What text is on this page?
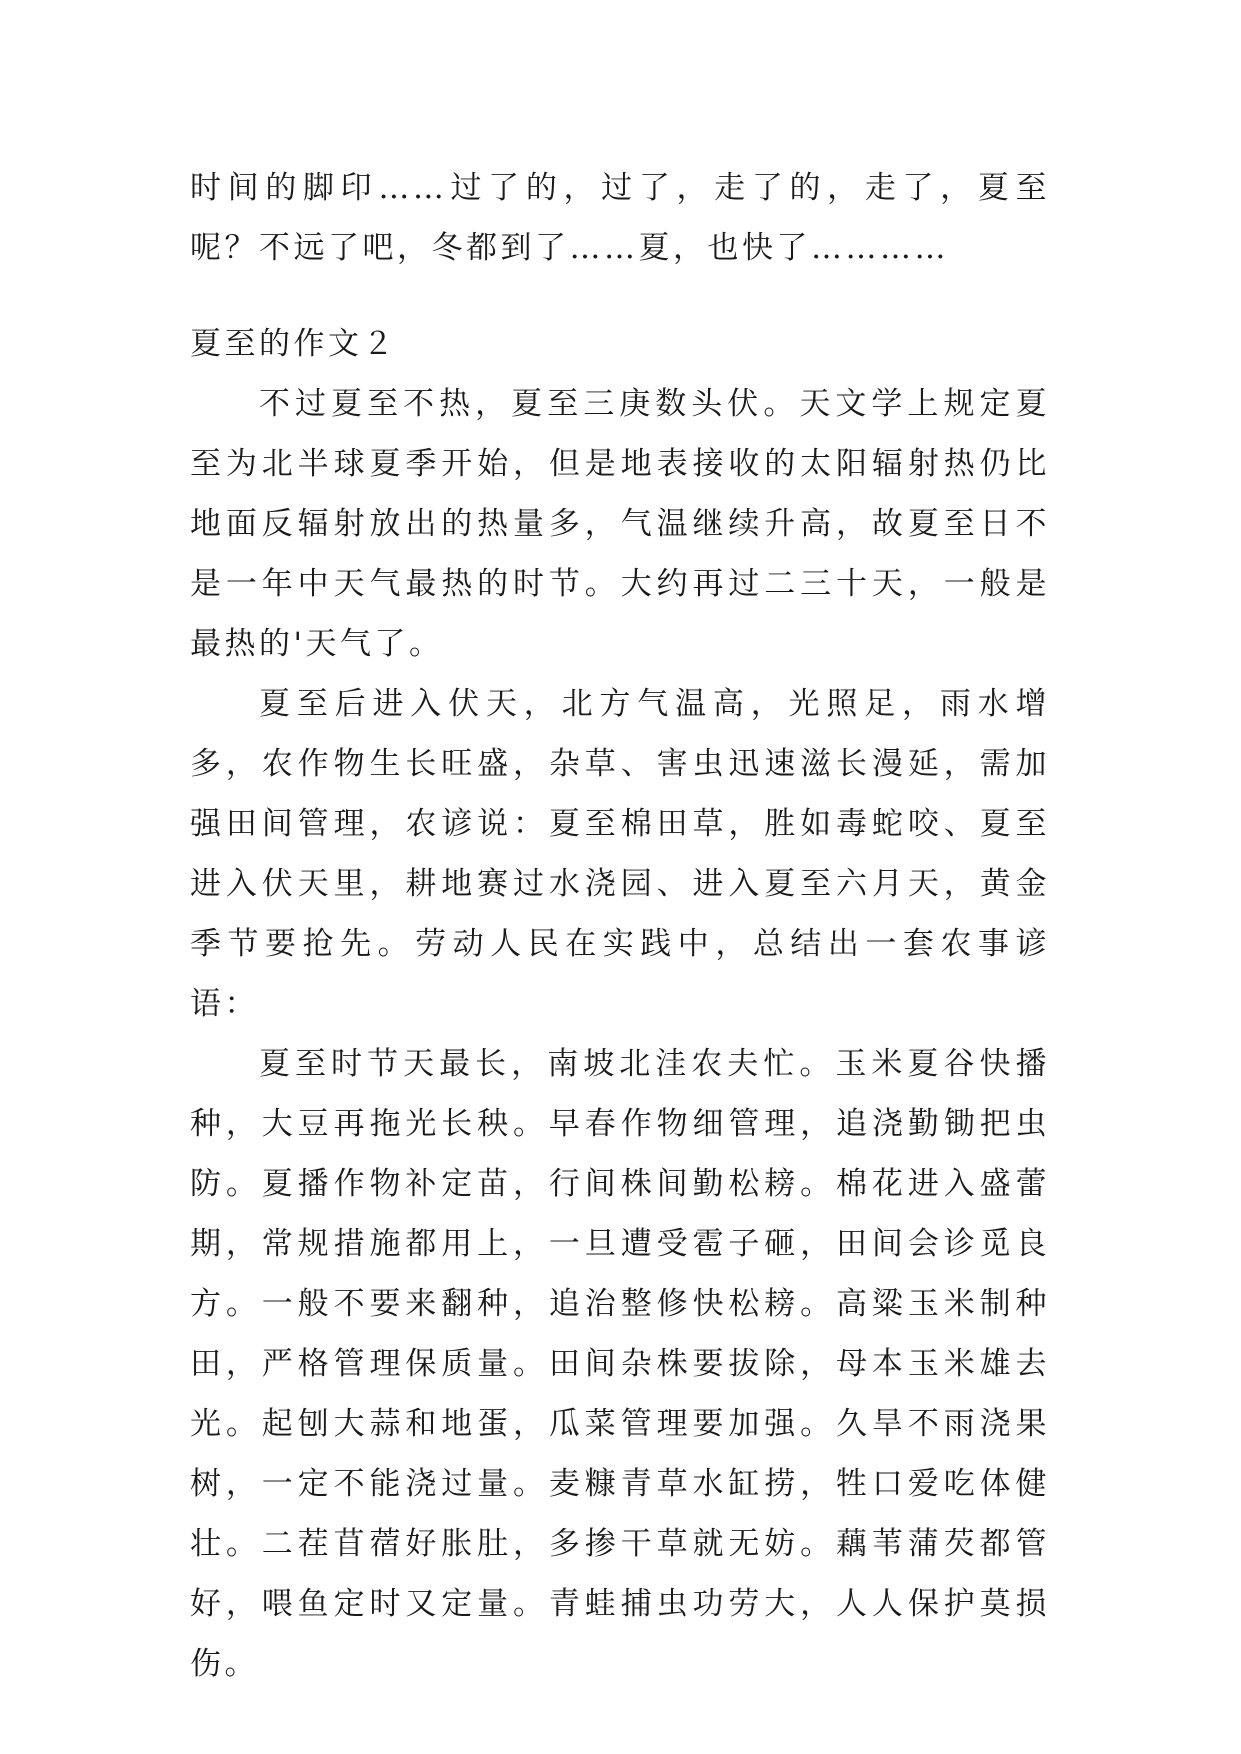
时间的脚印……过了的，过了，走了的，走了，夏至呢？不远了吧，冬都到了……夏，也快了…………

夏至的作文２

不过夏至不热，夏至三庚数头伏。天文学上规定夏至为北半球夏季开始，但是地表接收的太阳辐射热仍比地面反辐射放出的热量多，气温继续升高，故夏至日不是一年中天气最热的时节。大约再过二三十天，一般是最热的'天气了。

夏至后进入伏天，北方气温高，光照足，雨水增多，农作物生长旺盛，杂草、害虫迅速滋长漫延，需加强田间管理，农谚说：夏至棉田草，胜如毒蛇咬、夏至进入伏天里，耕地赛过水浇园、进入夏至六月天，黄金季节要抢先。劳动人民在实践中，总结出一套农事谚语：

夏至时节天最长，南坡北洼农夫忙。玉米夏谷快播种，大豆再拖光长秧。早春作物细管理，追浇勤锄把虫防。夏播作物补定苗，行间株间勤松耪。棉花进入盛蕾期，常规措施都用上，一旦遭受雹子砸，田间会诊觅良方。一般不要来翻种，追治整修快松耪。高粱玉米制种田，严格管理保质量。田间杂株要拔除，母本玉米雄去光。起刨大蒜和地蛋，瓜菜管理要加强。久旱不雨浇果树，一定不能浇过量。麦糠青草水缸捞，牲口爱吃体健壮。二茬苜蓿好胀肚，多掺干草就无妨。藕苇蒲芡都管好，喂鱼定时又定量。青蛙捕虫功劳大，人人保护莫损伤。
